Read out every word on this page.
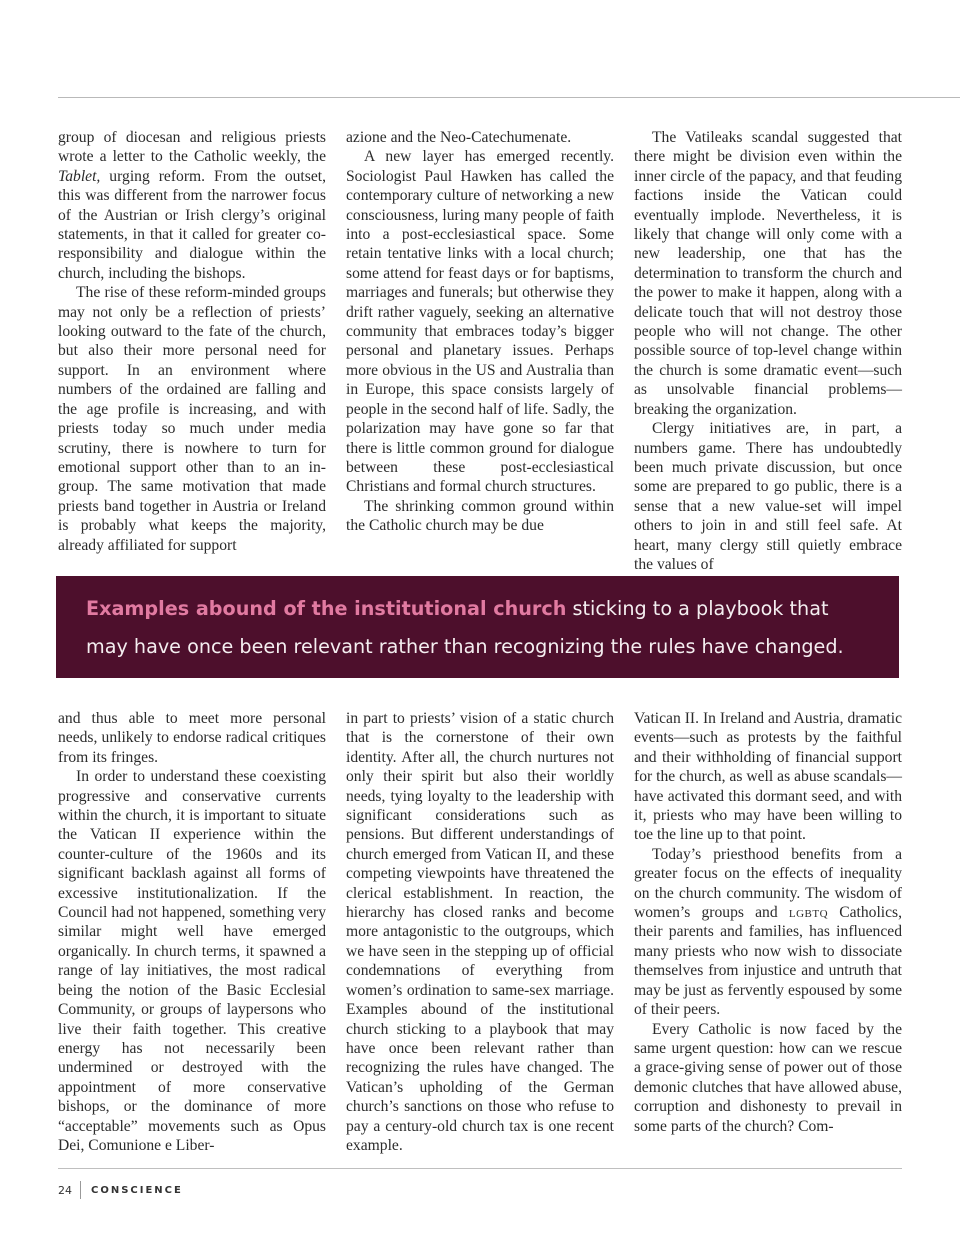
group of diocesan and religious priests wrote a letter to the Catholic weekly, the Tablet, urging reform. From the outset, this was different from the narrower focus of the Austrian or Irish clergy’s original statements, in that it called for greater co-responsibility and dialogue within the church, including the bishops.

The rise of these reform-minded groups may not only be a reflection of priests’ looking outward to the fate of the church, but also their more personal need for support. In an environment where numbers of the ordained are falling and the age profile is increasing, and with priests today so much under media scrutiny, there is nowhere to turn for emotional support other than to an in-group. The same motivation that made priests band together in Austria or Ireland is probably what keeps the majority, already affiliated for support

azione and the Neo-Catechumenate.

A new layer has emerged recently. Sociologist Paul Hawken has called the contemporary culture of networking a new consciousness, luring many people of faith into a post-ecclesiastical space. Some retain tentative links with a local church; some attend for feast days or for baptisms, marriages and funerals; but otherwise they drift rather vaguely, seeking an alternative community that embraces today’s bigger personal and planetary issues. Perhaps more obvious in the US and Australia than in Europe, this space consists largely of people in the second half of life. Sadly, the polarization may have gone so far that there is little common ground for dialogue between these post-ecclesiastical Christians and formal church structures.

The shrinking common ground within the Catholic church may be due

The Vatileaks scandal suggested that there might be division even within the inner circle of the papacy, and that feuding factions inside the Vatican could eventually implode. Nevertheless, it is likely that change will only come with a new leadership, one that has the determination to transform the church and the power to make it happen, along with a delicate touch that will not destroy those people who will not change. The other possible source of top-level change within the church is some dramatic event—such as unsolvable financial problems—breaking the organization.

Clergy initiatives are, in part, a numbers game. There has undoubtedly been much private discussion, but once some are prepared to go public, there is a sense that a new value-set will impel others to join in and still feel safe. At heart, many clergy still quietly embrace the values of

Examples abound of the institutional church sticking to a playbook that may have once been relevant rather than recognizing the rules have changed.

and thus able to meet more personal needs, unlikely to endorse radical critiques from its fringes.

In order to understand these coexisting progressive and conservative currents within the church, it is important to situate the Vatican II experience within the counter-culture of the 1960s and its significant backlash against all forms of excessive institutionalization. If the Council had not happened, something very similar might well have emerged organically. In church terms, it spawned a range of lay initiatives, the most radical being the notion of the Basic Ecclesial Community, or groups of laypersons who live their faith together. This creative energy has not necessarily been undermined or destroyed with the appointment of more conservative bishops, or the dominance of more “acceptable” movements such as Opus Dei, Comunione e Liber-

in part to priests’ vision of a static church that is the cornerstone of their own identity. After all, the church nurtures not only their spirit but also their worldly needs, tying loyalty to the leadership with significant considerations such as pensions. But different understandings of church emerged from Vatican II, and these competing viewpoints have threatened the clerical establishment. In reaction, the hierarchy has closed ranks and become more antagonistic to the outgroups, which we have seen in the stepping up of official condemnations of everything from women’s ordination to same-sex marriage. Examples abound of the institutional church sticking to a playbook that may have once been relevant rather than recognizing the rules have changed. The Vatican’s upholding of the German church’s sanctions on those who refuse to pay a century-old church tax is one recent example.

Vatican II. In Ireland and Austria, dramatic events—such as protests by the faithful and their withholding of financial support for the church, as well as abuse scandals—have activated this dormant seed, and with it, priests who may have been willing to toe the line up to that point.

Today’s priesthood benefits from a greater focus on the effects of inequality on the church community. The wisdom of women’s groups and lgbtq Catholics, their parents and families, has influenced many priests who now wish to dissociate themselves from injustice and untruth that may be just as fervently espoused by some of their peers.

Every Catholic is now faced by the same urgent question: how can we rescue a grace-giving sense of power out of those demonic clutches that have allowed abuse, corruption and dishonesty to prevail in some parts of the church? Com-

24	CONSCIENCE
